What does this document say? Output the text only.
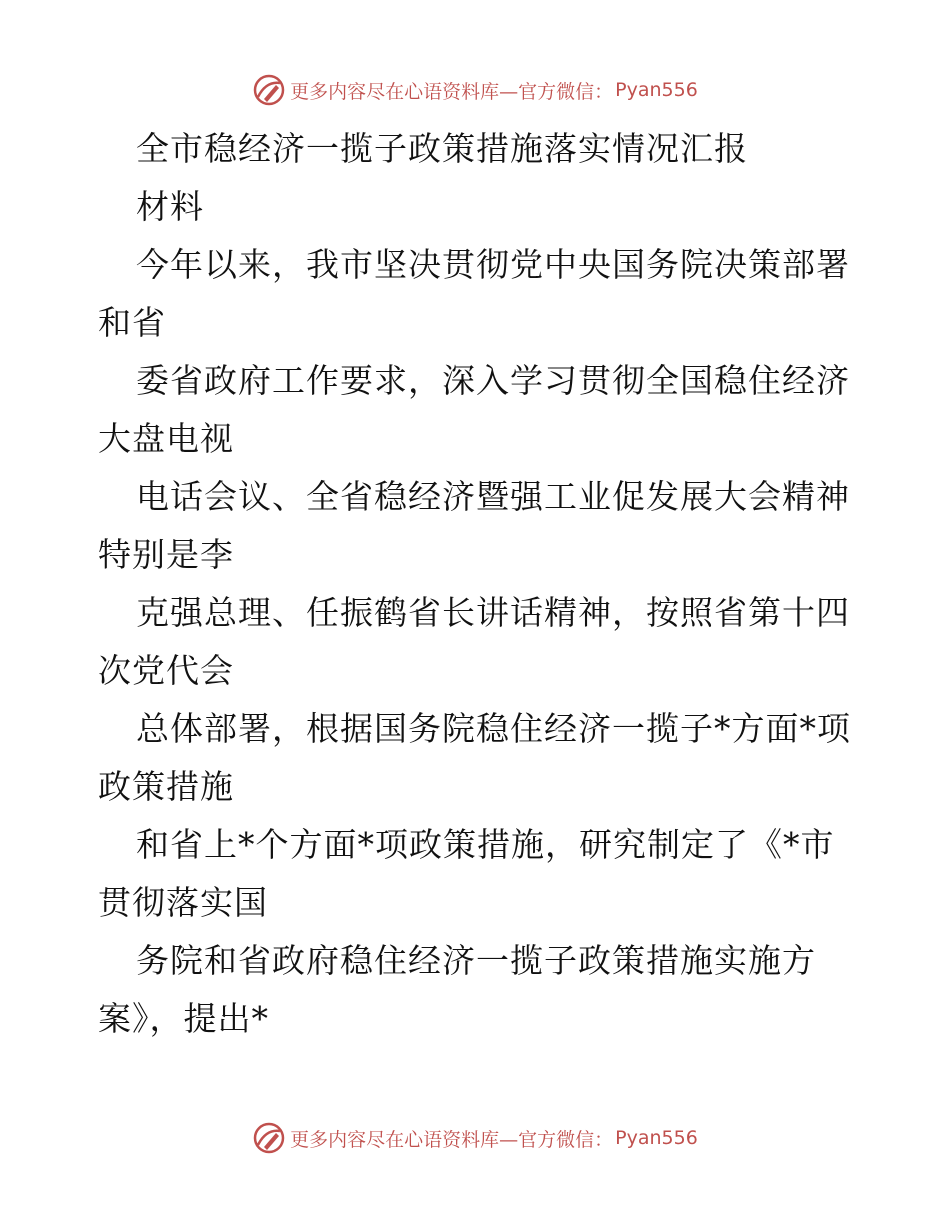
更多内容尽在心语资料库—官方微信： Pyan556
全市稳经济一揽子政策措施落实情况汇报
材料
今年以来，我市坚决贯彻党中央国务院决策部署
和省
委省政府工作要求，深入学习贯彻全国稳住经济
大盘电视
电话会议、全省稳经济暨强工业促发展大会精神
特别是李
克强总理、任振鹤省长讲话精神，按照省第十四
次党代会
总体部署，根据国务院稳住经济一揽子*方面*项
政策措施
和省上*个方面*项政策措施，研究制定了《*市
贯彻落实国
务院和省政府稳住经济一揽子政策措施实施方
案》，提出*
更多内容尽在心语资料库—官方微信： Pyan556
